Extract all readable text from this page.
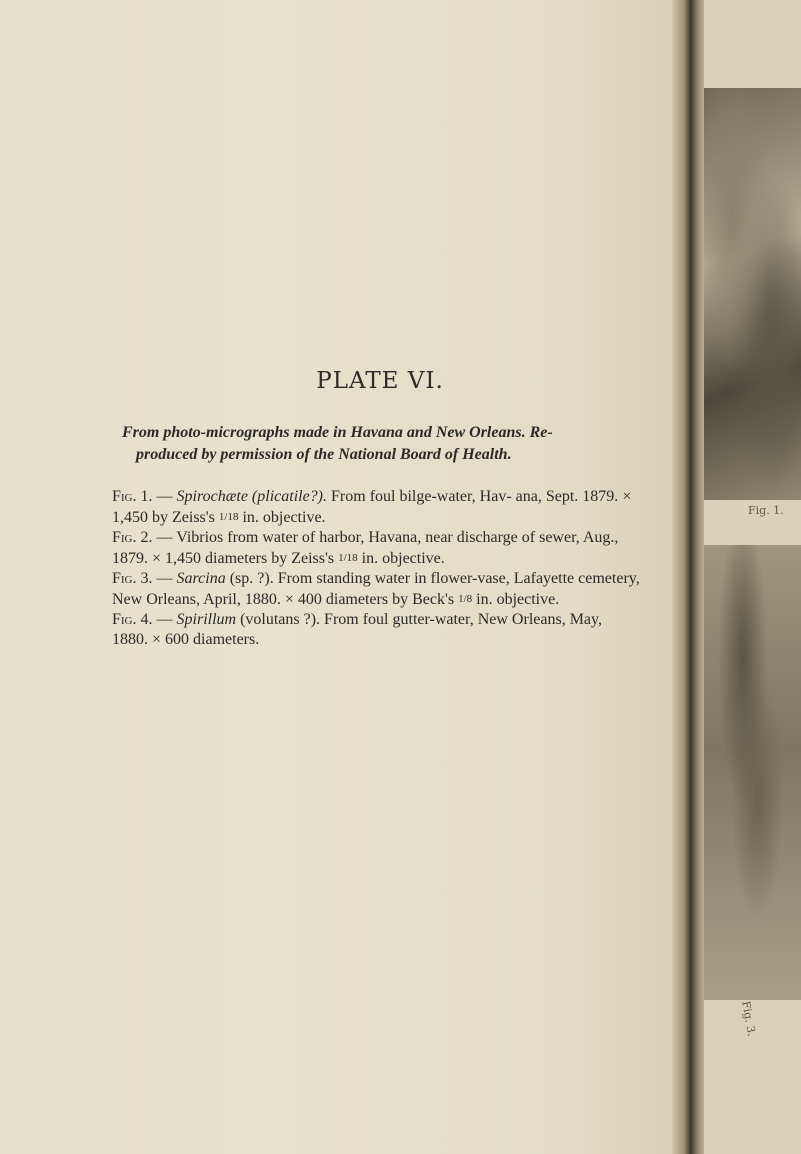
Fig. 1.
Fig. 3.
PLATE VI.
From photo-micrographs made in Havana and New Orleans. Re-
produced by permission of the National Board of Health.

Fig. 1. — Spirochæte (plicatile?). From foul bilge-water, Hav- ana, Sept. 1879. × 1,450 by Zeiss's 1/18 in. objective.

Fig. 2. — Vibrios from water of harbor, Havana, near discharge of sewer, Aug., 1879. × 1,450 diameters by Zeiss's 1/18 in. objective.

Fig. 3. — Sarcina (sp. ?). From standing water in flower-vase, Lafayette cemetery, New Orleans, April, 1880. × 400 diameters by Beck's 1/8 in. objective.

Fig. 4. — Spirillum (volutans ?). From foul gutter-water, New Orleans, May, 1880. × 600 diameters.
